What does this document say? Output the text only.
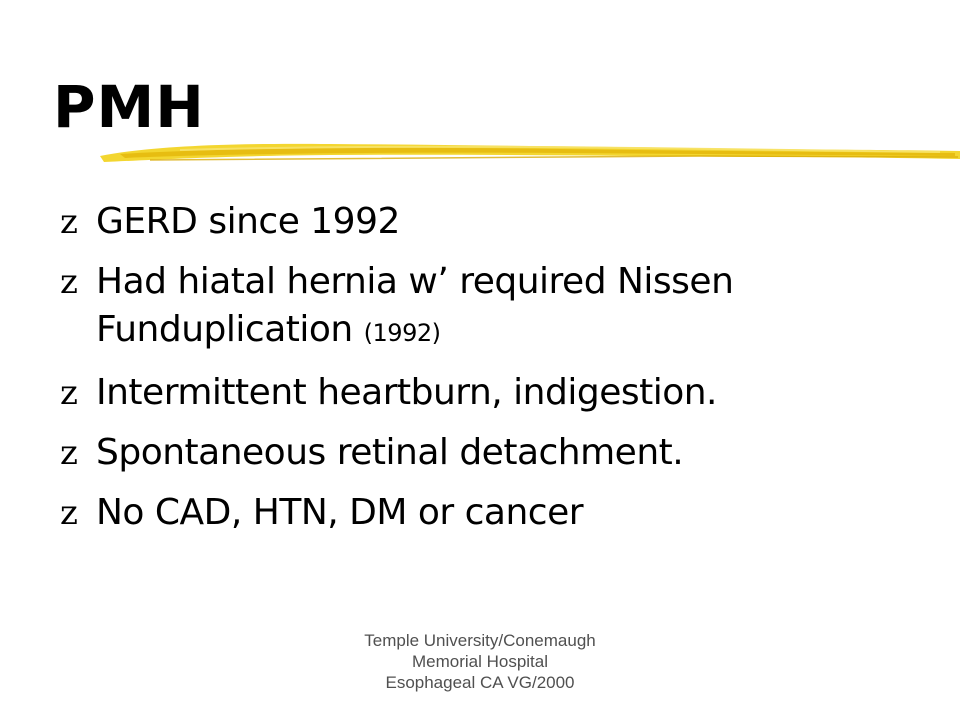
PMH
z GERD since 1992
z Had hiatal hernia w’ required Nissen Funduplication (1992)
z Intermittent heartburn, indigestion.
z Spontaneous retinal detachment.
z No CAD, HTN, DM or cancer
Temple University/Conemaugh
Memorial Hospital
Esophageal CA VG/2000
